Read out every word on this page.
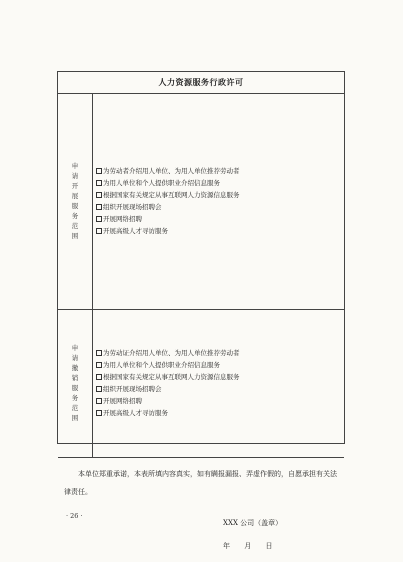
人力资源服务行政许可
申
请
开
展
服
务
范
围
为劳动者介绍用人单位、为用人单位推荐劳动者
为用人单位和个人提供职业介绍信息服务
根据国家有关规定从事互联网人力资源信息服务
组织开展现场招聘会
开展网络招聘
开展高级人才寻访服务
申
请
撤
销
服
务
范
围
为劳动证介绍用人单位、为用人单位推荐劳动者
为用人单位和个人提供职业介绍信息服务
根据国家有关规定从事互联网人力资源信息服务
组织开展现场招聘会
开展网络招聘
开展高级人才寻访服务
本单位郑重承诺，本表所填内容真实，如有瞒报漏报、弄虚作假的，自愿承担有关法律责任。
XXX 公司（盖章）
年 月 日
· 26 ·
